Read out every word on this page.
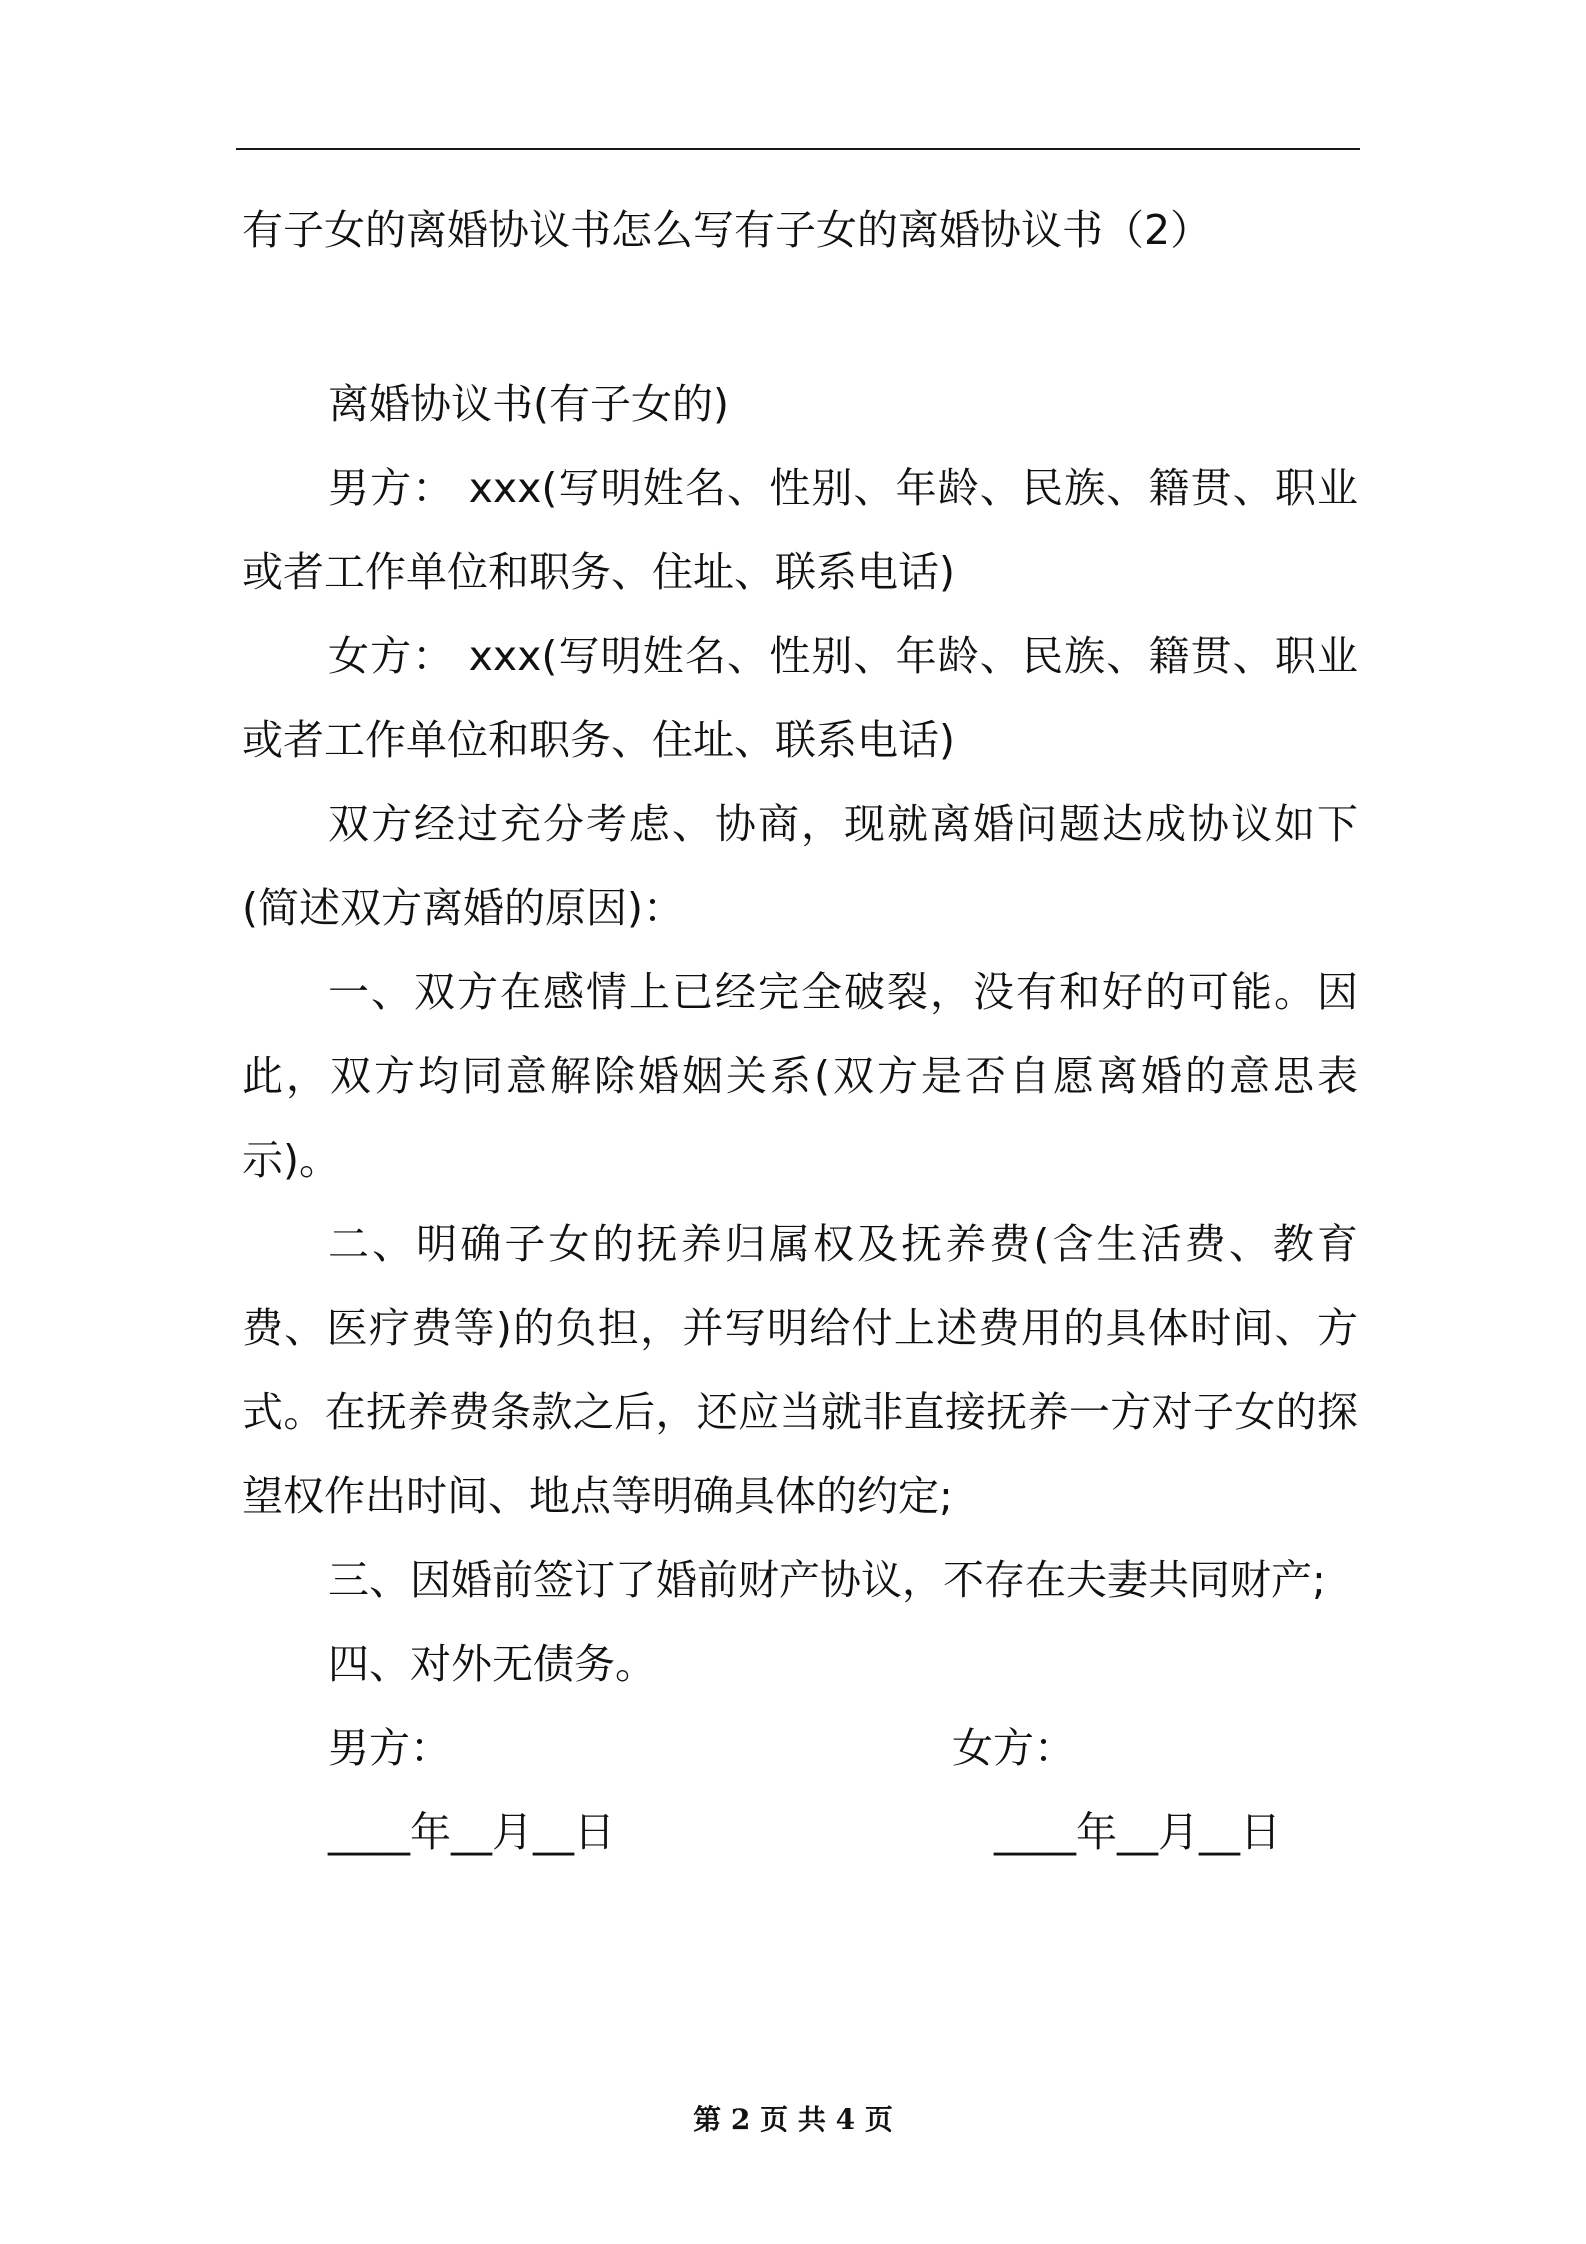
有子女的离婚协议书怎么写有子女的离婚协议书（2）

离婚协议书(有子女的)

男方： xxx(写明姓名、性别、年龄、民族、籍贯、职业或者工作单位和职务、住址、联系电话)

女方： xxx(写明姓名、性别、年龄、民族、籍贯、职业或者工作单位和职务、住址、联系电话)

双方经过充分考虑、协商，现就离婚问题达成协议如下(简述双方离婚的原因)：

一、双方在感情上已经完全破裂，没有和好的可能。因此，双方均同意解除婚姻关系(双方是否自愿离婚的意思表示)。

二、明确子女的抚养归属权及抚养费(含生活费、教育费、医疗费等)的负担，并写明给付上述费用的具体时间、方式。在抚养费条款之后，还应当就非直接抚养一方对子女的探望权作出时间、地点等明确具体的约定;

三、因婚前签订了婚前财产协议，不存在夫妻共同财产;

四、对外无债务。

男方：	女方：
____年__月__日	____年__月__日
第 2 页 共 4 页
